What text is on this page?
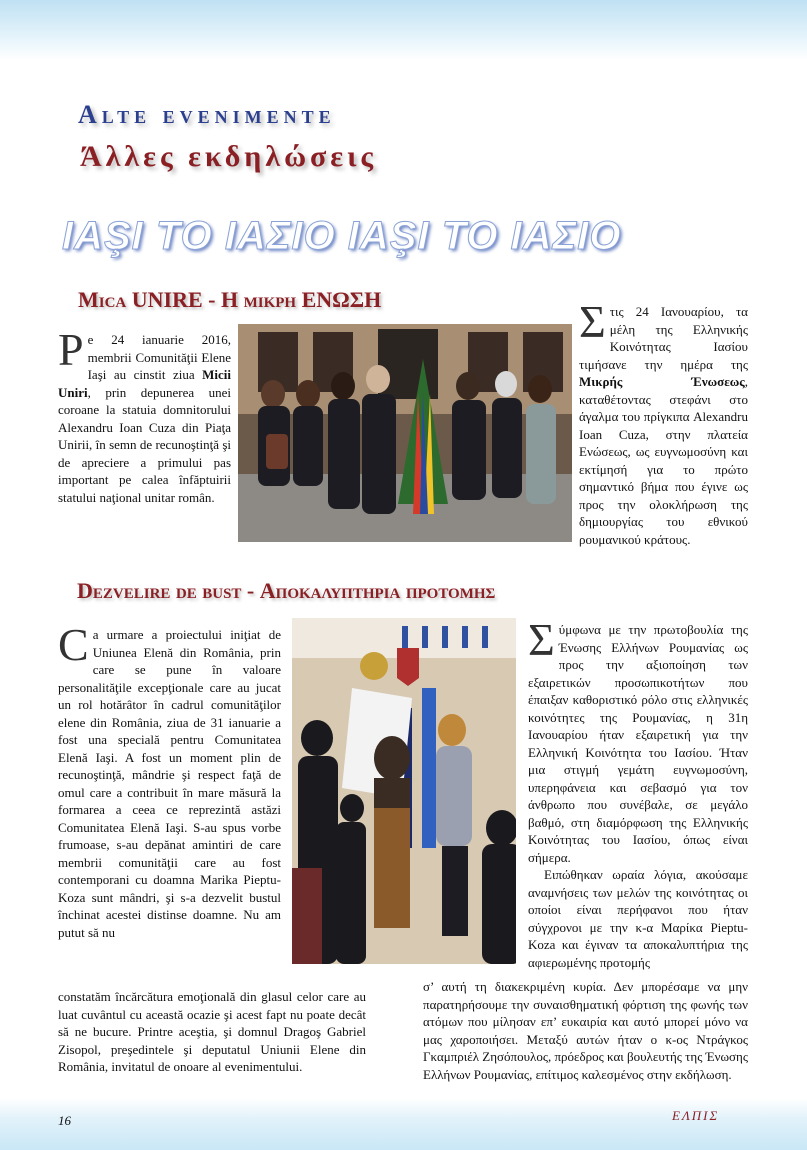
Alte evenimente
Άλλες εκδηλώσεις
IAŞI TO IAΣIO IAŞI TO IAΣIO
Mica UNIRE - Η μικρη ΕΝΩΣΗ

Pe 24 ianuarie 2016, membrii Comunităţii Elene Iaşi au cinstit ziua Micii Uniri, prin depunerea unei coroane la statuia domnitorului Alexandru Ioan Cuza din Piaţa Unirii, în semn de recunoştinţă şi de apreciere a primului pas important pe calea înfăptuirii statului naţional unitar român.

Στις 24 Ιανουαρίου, τα μέλη της Ελληνικής Κοινότητας Ιασίου τιμήσανε την ημέρα της Μικρής Ένωσεως, καταθέτοντας στεφάνι στο άγαλμα του πρίγκιπα Alexandru Ioan Cuza, στην πλατεία Ενώσεως, ως ευγνωμοσύνη και εκτίμησή για το πρώτο σημαντικό βήμα που έγινε ως προς την ολοκλήρωση της δημιουργίας του εθνικού ρουμανικού κράτους.

Dezvelire de bust - Αποκαλυπτηρια προτομης

Ca urmare a proiectului iniţiat de Uniunea Elenă din România, prin care se pune în valoare personalităţile excepţionale care au jucat un rol hotărâtor în cadrul comunităţilor elene din România, ziua de 31 ianuarie a fost una specială pentru Comunitatea Elenă Iaşi. A fost un moment plin de recunoştinţă, mândrie şi respect faţă de omul care a contribuit în mare măsură la formarea a ceea ce reprezintă astăzi Comunitatea Elenă Iaşi. S-au spus vorbe frumoase, s-au depănat amintiri de care membrii comunităţii care au fost contemporani cu doamna Marika Pieptu-Koza sunt mândri, şi s-a dezvelit bustul închinat acestei distinse doamne. Nu am putut să nu

Σύμφωνα με την πρωτοβουλία της Ένωσης Ελλήνων Ρουμανίας ως προς την αξιοποίηση των εξαιρετικών προσωπικοτήτων που έπαιξαν καθοριστικό ρόλο στις ελληνικές κοινότητες της Ρουμανίας, η 31η Ιανουαρίου ήταν εξαιρετική για την Ελληνική Κοινότητα του Ιασίου. Ήταν μια στιγμή γεμάτη ευγνωμοσύνη, υπερηφάνεια και σεβασμό για τον άνθρωπο που συνέβαλε, σε μεγάλο βαθμό, στη διαμόρφωση της Ελληνικής Κοινότητας του Ιασίου, όπως είναι σήμερα.

Ειπώθηκαν ωραία λόγια, ακούσαμε αναμνήσεις των μελών της κοινότητας οι οποίοι είναι περήφανοι που ήταν σύγχρονοι με την κ-α Μαρίκα Pieptu-Koza και έγιναν τα αποκαλυπτήρια της αφιερωμένης προτομής

constatăm încărcătura emoţională din glasul celor care au luat cuvântul cu această ocazie şi acest fapt nu poate decât să ne bucure. Printre aceştia, şi domnul Dragoş Gabriel Zisopol, preşedintele şi deputatul Uniunii Elene din România, invitatul de onoare al evenimentului.
σ’ αυτή τη διακεκριμένη κυρία. Δεν μπορέσαμε να μην παρατηρήσουμε την συναισθηματική φόρτιση της φωνής των ατόμων που μίλησαν επ’ ευκαιρία και αυτό μπορεί μόνο να μας χαροποιήσει. Μεταξύ αυτών ήταν ο κ-ος Ντράγκος Γκαμπριέλ Ζησόπουλος, πρόεδρος και βουλευτής της Ένωσης Ελλήνων Ρουμανίας, επίτιμος καλεσμένος στην εκδήλωση.
16	ΕΛΠΙΣ
